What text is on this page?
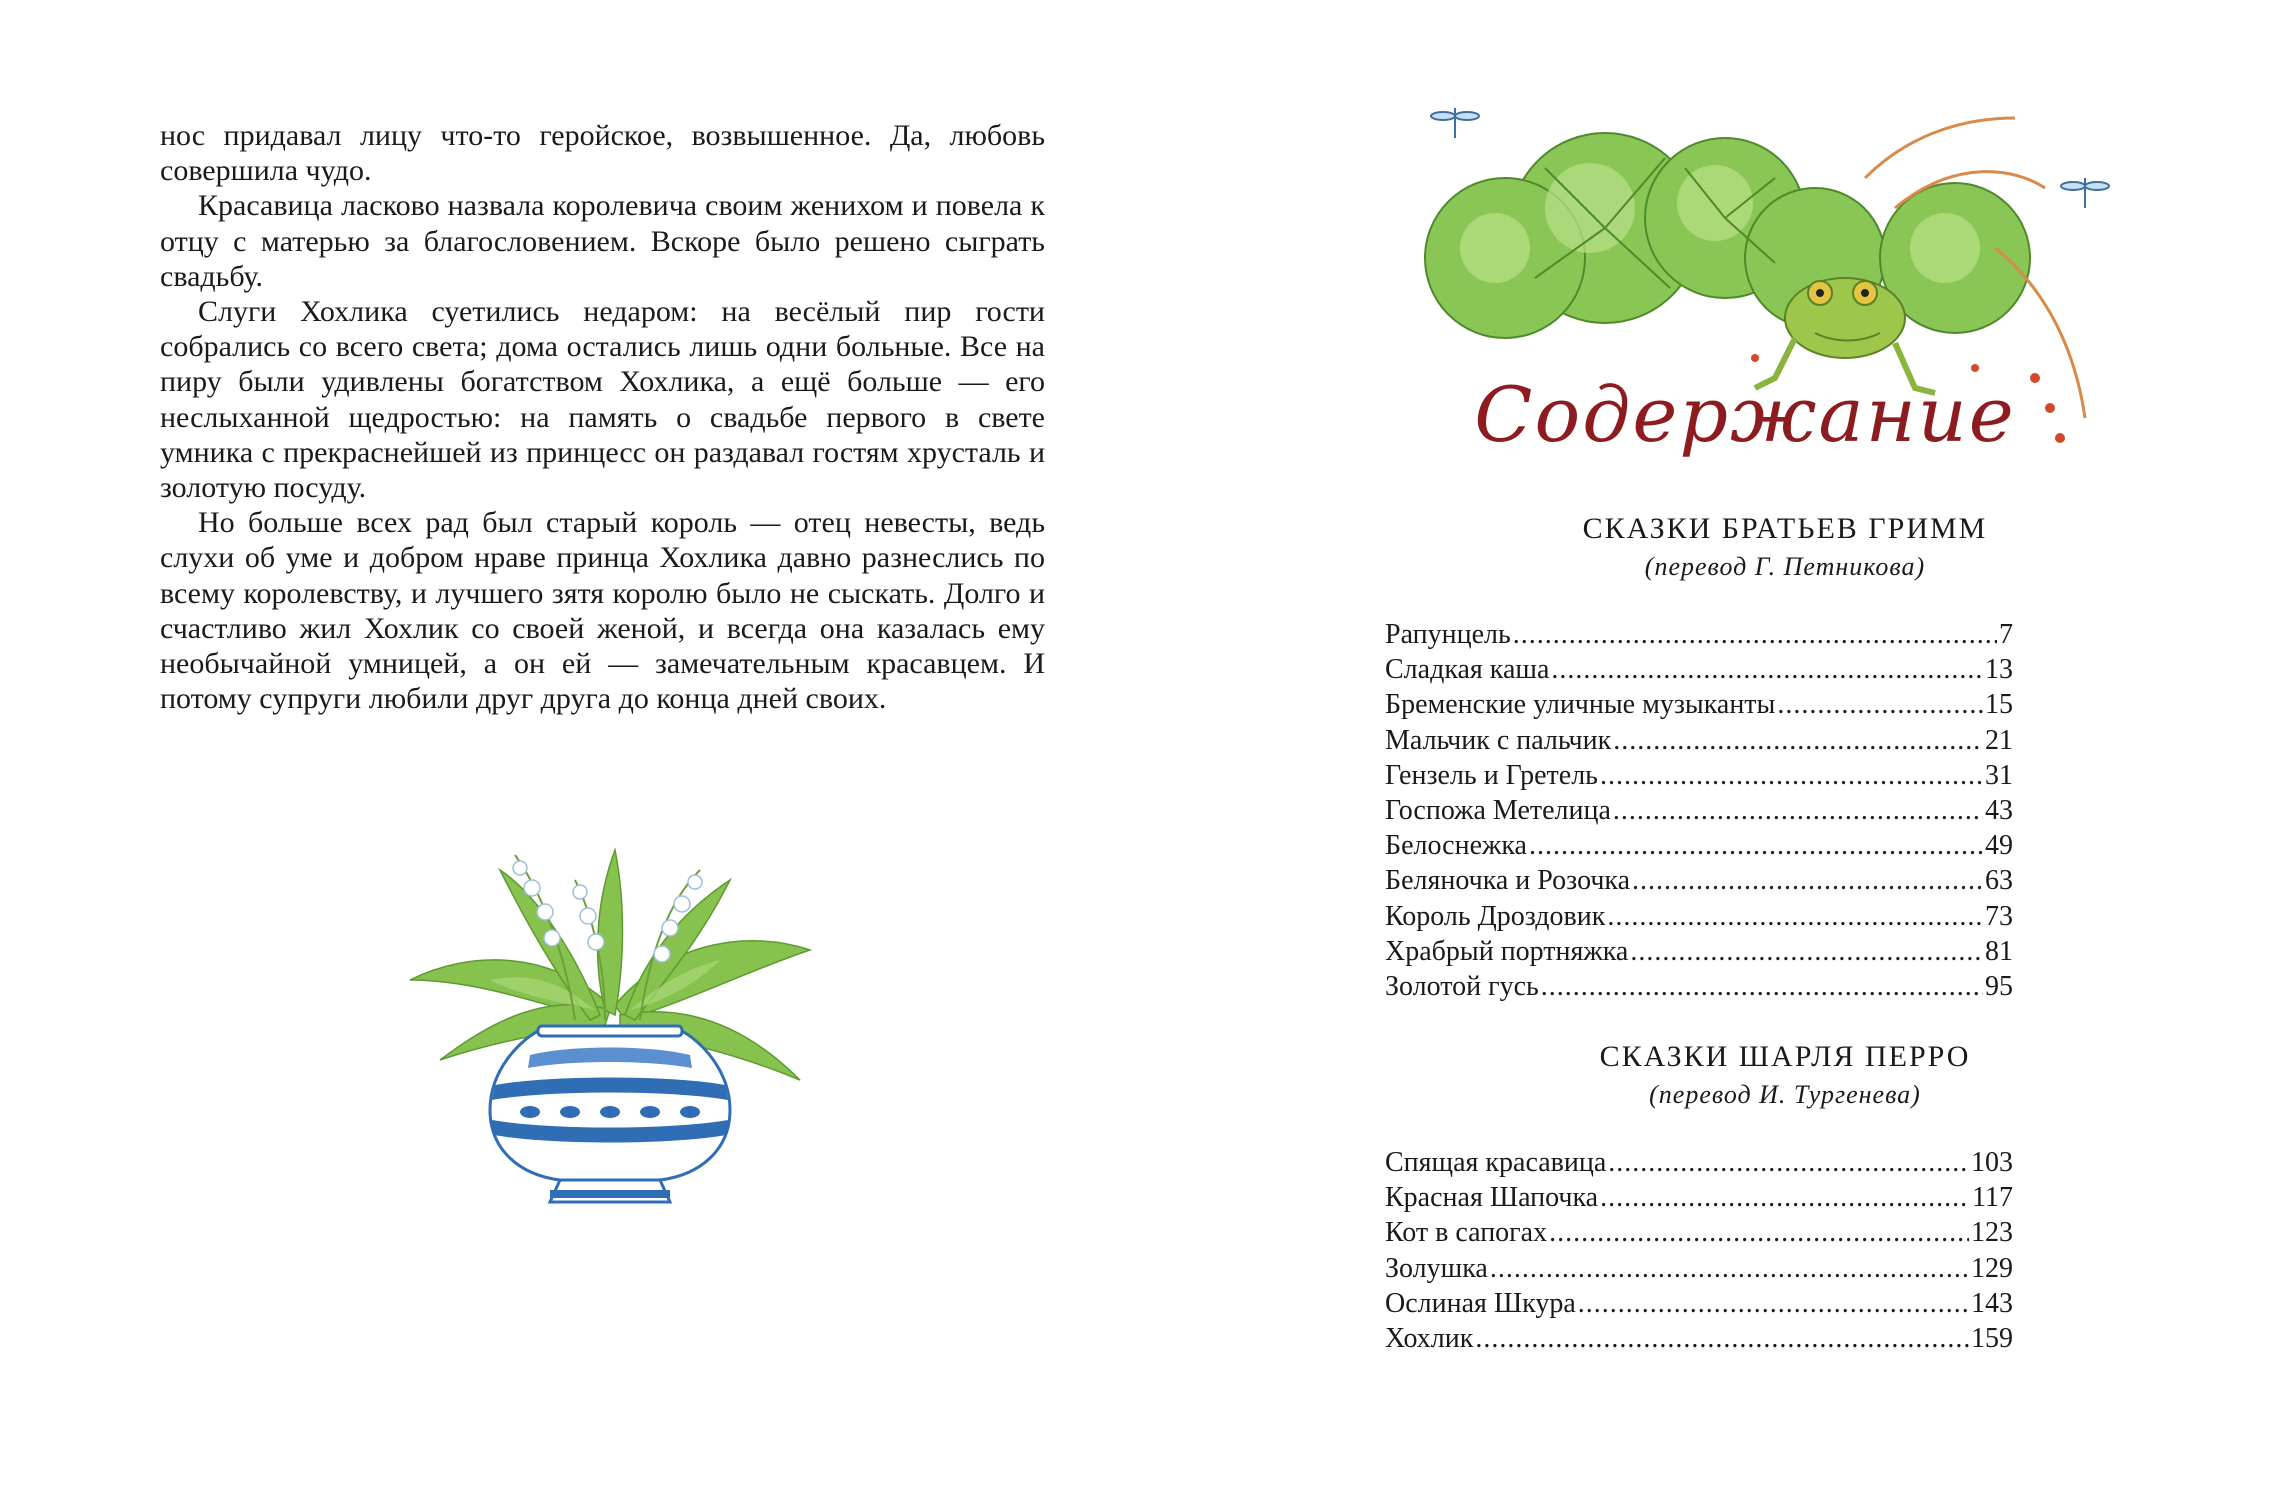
нос придавал лицу что-то геройское, возвышенное. Да, любовь совершила чудо.

Красавица ласково назвала королевича своим женихом и повела к отцу с матерью за благословением. Вскоре было решено сыграть свадьбу.

Слуги Хохлика суетились недаром: на весёлый пир гости собрались со всего света; дома остались лишь одни больные. Все на пиру были удивлены богатством Хохлика, а ещё больше — его неслыханной щедростью: на память о свадьбе первого в свете умника с прекраснейшей из принцесс он раздавал гостям хрусталь и золотую посуду.

Но больше всех рад был старый король — отец невесты, ведь слухи об уме и добром нраве принца Хохлика давно разнеслись по всему королевству, и лучшего зятя королю было не сыскать. Долго и счастливо жил Хохлик со своей женой, и всегда она казалась ему необычайной умницей, а он ей — замечательным красавцем. И потому супруги любили друг друга до конца дней своих.

Содержание
СКАЗКИ БРАТЬЕВ ГРИММ
(перевод Г. Петникова)
Рапунцель .....	7
Сладкая каша .....	13
Бременские уличные музыканты .....	15
Мальчик с пальчик .....	21
Гензель и Гретель .....	31
Госпожа Метелица .....	43
Белоснежка .....	49
Беляночка и Розочка .....	63
Король Дроздовик .....	73
Храбрый портняжка .....	81
Золотой гусь .....	95
СКАЗКИ ШАРЛЯ ПЕРРО
(перевод И. Тургенева)
Спящая красавица .....	103
Красная Шапочка .....	117
Кот в сапогах .....	123
Золушка .....	129
Ослиная Шкура .....	143
Хохлик .....	159
